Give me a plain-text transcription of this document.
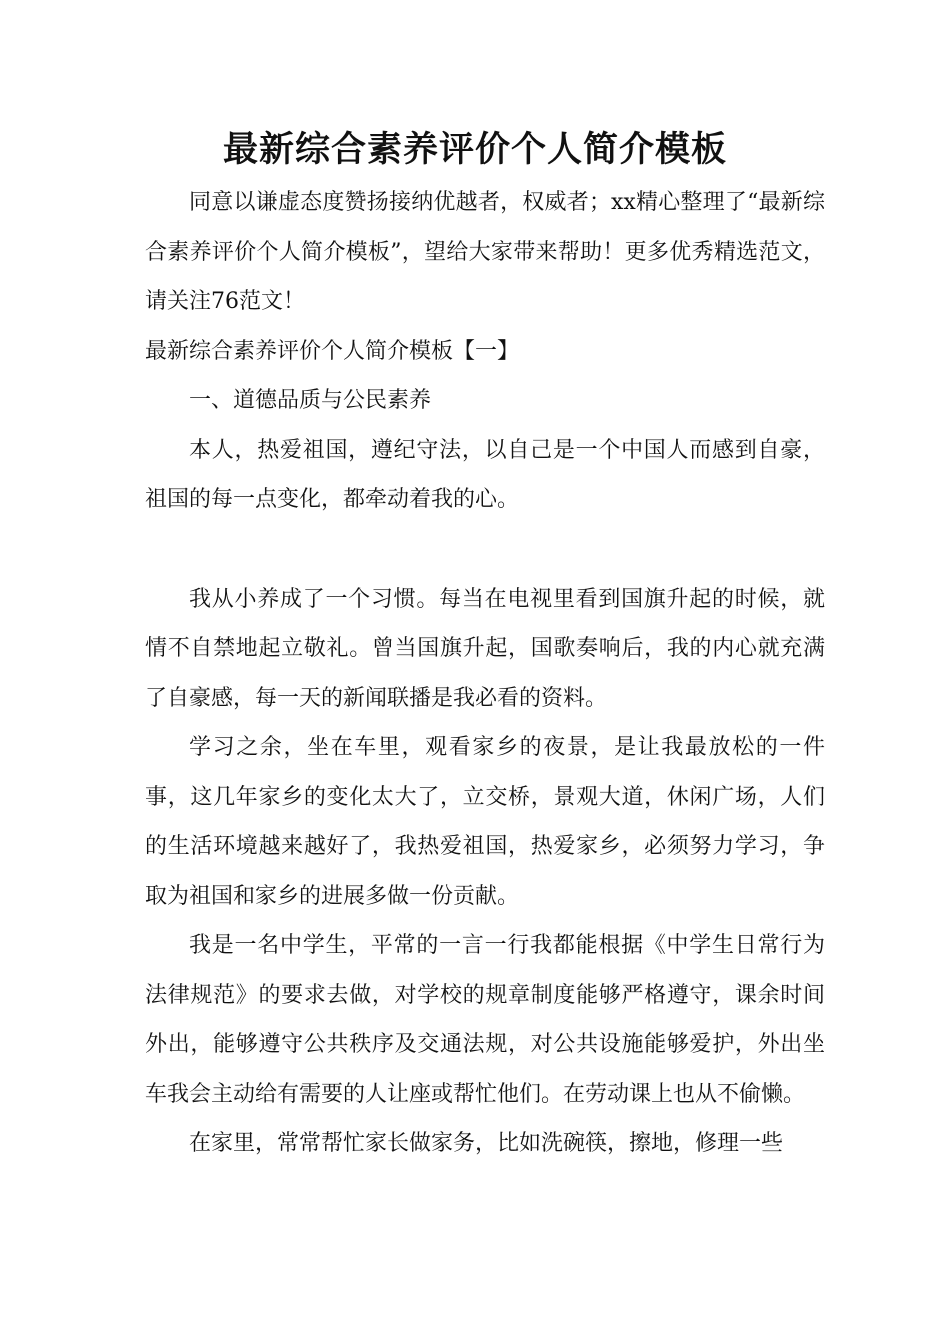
最新综合素养评价个人简介模板

同意以谦虚态度赞扬接纳优越者，权威者；xx精心整理了“最新综合素养评价个人简介模板”，望给大家带来帮助！更多优秀精选范文，请关注76范文！

最新综合素养评价个人简介模板【一】

一、道德品质与公民素养

本人，热爱祖国，遵纪守法，以自己是一个中国人而感到自豪，祖国的每一点变化，都牵动着我的心。

我从小养成了一个习惯。每当在电视里看到国旗升起的时候，就情不自禁地起立敬礼。曾当国旗升起，国歌奏响后，我的内心就充满了自豪感，每一天的新闻联播是我必看的资料。

学习之余，坐在车里，观看家乡的夜景，是让我最放松的一件事，这几年家乡的变化太大了，立交桥，景观大道，休闲广场，人们的生活环境越来越好了，我热爱祖国，热爱家乡，必须努力学习，争取为祖国和家乡的进展多做一份贡献。

我是一名中学生，平常的一言一行我都能根据《中学生日常行为法律规范》的要求去做，对学校的规章制度能够严格遵守，课余时间外出，能够遵守公共秩序及交通法规，对公共设施能够爱护，外出坐车我会主动给有需要的人让座或帮忙他们。在劳动课上也从不偷懒。

在家里，常常帮忙家长做家务，比如洗碗筷，擦地，修理一些
